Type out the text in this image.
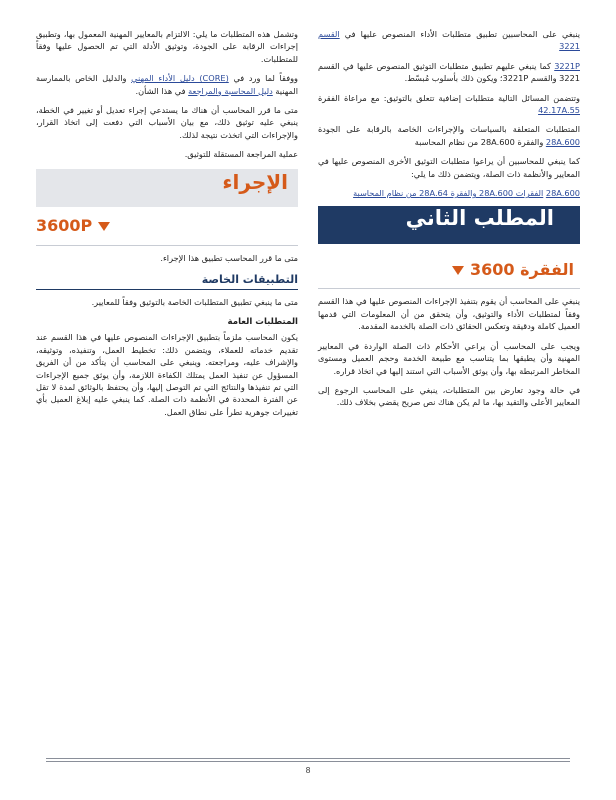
ينبغي على المحاسبين تطبيق متطلبات الأداء المنصوص عليها في القسم 3221

3221P كما ينبغي عليهم تطبيق متطلبات التوثيق المنصوص عليها في القسم 3221 والقسم 3221P؛ ويكون ذلك بأسلوب مُبسّط.

وتتضمن المسائل التالية متطلبات إضافية تتعلق بالتوثيق: مع مراعاة الفقرة 42.17A.55

المتطلبات المتعلقة بالسياسات والإجراءات الخاصة بالرقابة على الجودة 28A.600 والفقرة 28A.600 من نظام المحاسبة

كما ينبغي للمحاسبين أن يراعوا متطلبات التوثيق الأخرى المنصوص عليها في المعايير والأنظمة ذات الصلة، ويتضمن ذلك ما يلي:

28A.600 الفقرات 28A.600 والفقرة 28A.64 من نظام المحاسبة

المطلب الثاني
الفقرة 3600

ينبغي على المحاسب أن يقوم بتنفيذ الإجراءات المنصوص عليها في هذا القسم وفقاً لمتطلبات الأداء والتوثيق، وأن يتحقق من أن المعلومات التي قدمها العميل كاملة ودقيقة وتعكس الحقائق ذات الصلة بالخدمة المقدمة.

ويجب على المحاسب أن يراعي الأحكام ذات الصلة الواردة في المعايير المهنية وأن يطبقها بما يتناسب مع طبيعة الخدمة وحجم العميل ومستوى المخاطر المرتبطة بها، وأن يوثق الأسباب التي استند إليها في اتخاذ قراره.

في حالة وجود تعارض بين المتطلبات، ينبغي على المحاسب الرجوع إلى المعايير الأعلى والتقيد بها، ما لم يكن هناك نص صريح يقضي بخلاف ذلك.

وتشمل هذه المتطلبات ما يلي: الالتزام بالمعايير المهنية المعمول بها، وتطبيق إجراءات الرقابة على الجودة، وتوثيق الأدلة التي تم الحصول عليها وفقاً للمتطلبات.

ووفقاً لما ورد في (CORE) دليل الأداء المهني والدليل الخاص بالممارسة المهنية دليل المحاسبة والمراجعة في هذا الشأن.

متى ما قرر المحاسب أن هناك ما يستدعي إجراء تعديل أو تغيير في الخطة، ينبغي عليه توثيق ذلك، مع بيان الأسباب التي دفعت إلى اتخاذ القرار، والإجراءات التي اتخذت نتيجة لذلك.

عملية المراجعة المستقلة للتوثيق.

الإجراء
3600P

متى ما قرر المحاسب تطبيق هذا الإجراء.

التطبيقات الخاصة

متى ما ينبغي تطبيق المتطلبات الخاصة بالتوثيق وفقاً للمعايير.

المتطلبات العامة

يكون المحاسب ملزماً بتطبيق الإجراءات المنصوص عليها في هذا القسم عند تقديم خدماته للعملاء، ويتضمن ذلك: تخطيط العمل، وتنفيذه، وتوثيقه، والإشراف عليه، ومراجعته. وينبغي على المحاسب أن يتأكد من أن الفريق المسؤول عن تنفيذ العمل يمتلك الكفاءة اللازمة، وأن يوثق جميع الإجراءات التي تم تنفيذها والنتائج التي تم التوصل إليها، وأن يحتفظ بالوثائق لمدة لا تقل عن الفترة المحددة في الأنظمة ذات الصلة. كما ينبغي عليه إبلاغ العميل بأي تغييرات جوهرية تطرأ على نطاق العمل.

8
